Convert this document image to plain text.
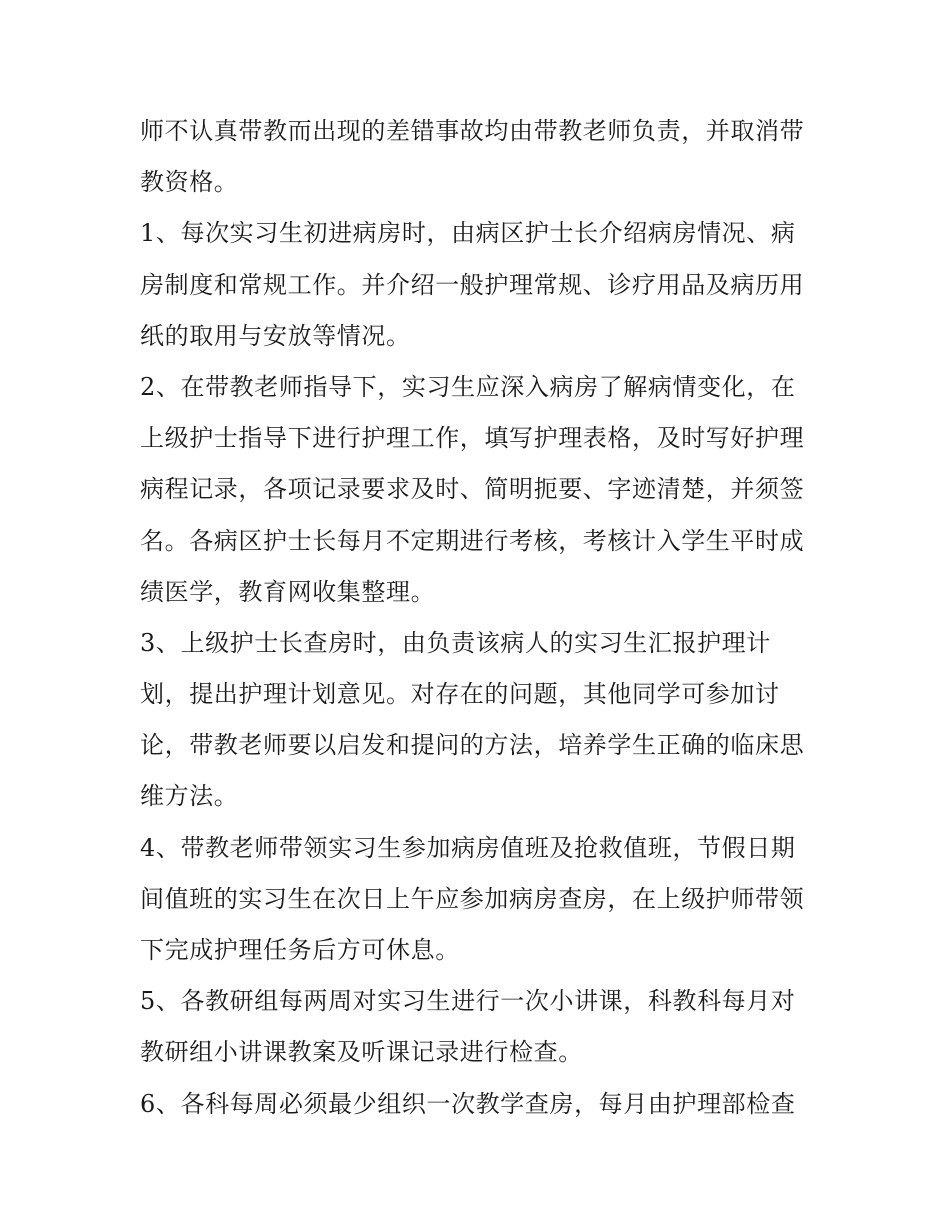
师不认真带教而出现的差错事故均由带教老师负责，并取消带
教资格。
1、每次实习生初进病房时，由病区护士长介绍病房情况、病
房制度和常规工作。并介绍一般护理常规、诊疗用品及病历用
纸的取用与安放等情况。
2、在带教老师指导下，实习生应深入病房了解病情变化，在
上级护士指导下进行护理工作，填写护理表格，及时写好护理
病程记录，各项记录要求及时、简明扼要、字迹清楚，并须签
名。各病区护士长每月不定期进行考核，考核计入学生平时成
绩医学，教育网收集整理。
3、上级护士长查房时，由负责该病人的实习生汇报护理计
划，提出护理计划意见。对存在的问题，其他同学可参加讨
论，带教老师要以启发和提问的方法，培养学生正确的临床思
维方法。
4、带教老师带领实习生参加病房值班及抢救值班，节假日期
间值班的实习生在次日上午应参加病房查房，在上级护师带领
下完成护理任务后方可休息。
5、各教研组每两周对实习生进行一次小讲课，科教科每月对
教研组小讲课教案及听课记录进行检查。
6、各科每周必须最少组织一次教学查房，每月由护理部检查
